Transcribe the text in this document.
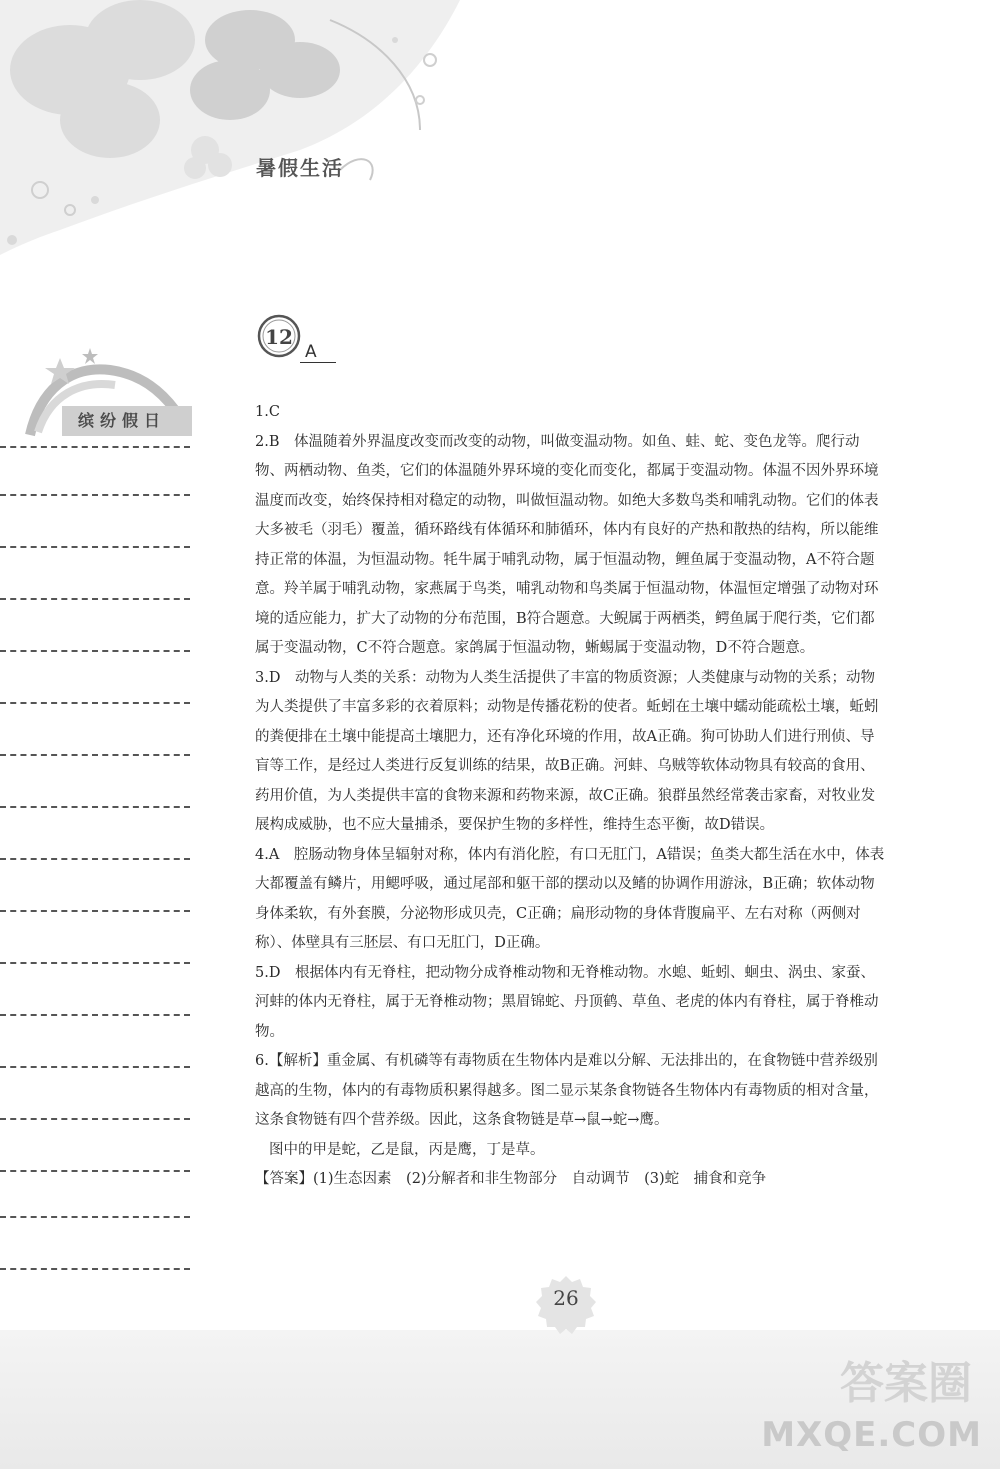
暑假生活
缤纷假日
12
A

1.C

2.B　体温随着外界温度改变而改变的动物，叫做变温动物。如鱼、蛙、蛇、变色龙等。爬行动物、两栖动物、鱼类，它们的体温随外界环境的变化而变化，都属于变温动物。体温不因外界环境温度而改变，始终保持相对稳定的动物，叫做恒温动物。如绝大多数鸟类和哺乳动物。它们的体表大多被毛（羽毛）覆盖，循环路线有体循环和肺循环，体内有良好的产热和散热的结构，所以能维持正常的体温，为恒温动物。牦牛属于哺乳动物，属于恒温动物，鲤鱼属于变温动物，A不符合题意。羚羊属于哺乳动物，家燕属于鸟类，哺乳动物和鸟类属于恒温动物，体温恒定增强了动物对环境的适应能力，扩大了动物的分布范围，B符合题意。大鲵属于两栖类，鳄鱼属于爬行类，它们都属于变温动物，C不符合题意。家鸽属于恒温动物，蜥蜴属于变温动物，D不符合题意。

3.D　动物与人类的关系：动物为人类生活提供了丰富的物质资源；人类健康与动物的关系；动物为人类提供了丰富多彩的衣着原料；动物是传播花粉的使者。蚯蚓在土壤中蠕动能疏松土壤，蚯蚓的粪便排在土壤中能提高土壤肥力，还有净化环境的作用，故A正确。狗可协助人们进行刑侦、导盲等工作，是经过人类进行反复训练的结果，故B正确。河蚌、乌贼等软体动物具有较高的食用、药用价值，为人类提供丰富的食物来源和药物来源，故C正确。狼群虽然经常袭击家畜，对牧业发展构成威胁，也不应大量捕杀，要保护生物的多样性，维持生态平衡，故D错误。

4.A　腔肠动物身体呈辐射对称，体内有消化腔，有口无肛门，A错误；鱼类大都生活在水中，体表大都覆盖有鳞片，用鳃呼吸，通过尾部和躯干部的摆动以及鳍的协调作用游泳，B正确；软体动物身体柔软，有外套膜，分泌物形成贝壳，C正确；扁形动物的身体背腹扁平、左右对称（两侧对称）、体壁具有三胚层、有口无肛门，D正确。

5.D　根据体内有无脊柱，把动物分成脊椎动物和无脊椎动物。水螅、蚯蚓、蛔虫、涡虫、家蚕、河蚌的体内无脊柱，属于无脊椎动物；黑眉锦蛇、丹顶鹤、草鱼、老虎的体内有脊柱，属于脊椎动物。

6.【解析】重金属、有机磷等有毒物质在生物体内是难以分解、无法排出的，在食物链中营养级别越高的生物，体内的有毒物质积累得越多。图二显示某条食物链各生物体内有毒物质的相对含量，这条食物链有四个营养级。因此，这条食物链是草→鼠→蛇→鹰。

图中的甲是蛇，乙是鼠，丙是鹰，丁是草。

【答案】(1)生态因素　(2)分解者和非生物部分　自动调节　(3)蛇　捕食和竞争

26
答案圈
MXQE.COM
